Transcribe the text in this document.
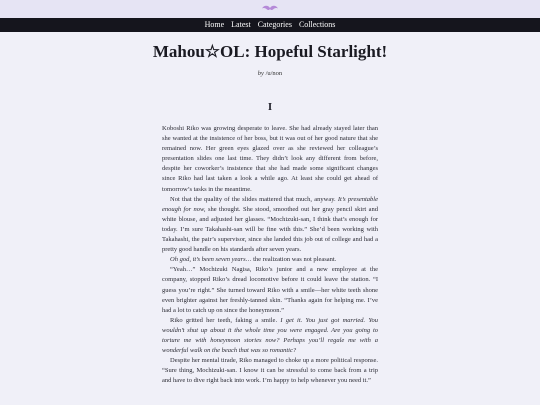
Home Latest Categories Collections
Mahou☆OL: Hopeful Starlight!
by /u/non
I

Koboshi Riko was growing desperate to leave. She had already stayed later than she wanted at the insistence of her boss, but it was out of her good nature that she remained now. Her green eyes glazed over as she reviewed her colleague’s presentation slides one last time. They didn’t look any different from before, despite her coworker’s insistence that she had made some significant changes since Riko had last taken a look a while ago. At least she could get ahead of tomorrow’s tasks in the meantime.

Not that the quality of the slides mattered that much, anyway. It’s presentable enough for now, she thought. She stood, smoothed out her gray pencil skirt and white blouse, and adjusted her glasses. “Mochizuki-san, I think that’s enough for today. I’m sure Takahashi-san will be fine with this.” She’d been working with Takahashi, the pair’s supervisor, since she landed this job out of college and had a pretty good handle on his standards after seven years.

Oh god, it’s been seven years… the realization was not pleasant.

“Yeah…” Mochizuki Nagisa, Riko’s junior and a new employee at the company, stopped Riko’s dread locomotive before it could leave the station. “I guess you’re right.” She turned toward Riko with a smile—her white teeth shone even brighter against her freshly-tanned skin. “Thanks again for helping me. I’ve had a lot to catch up on since the honeymoon.”

Riko gritted her teeth, faking a smile. I get it. You just got married. You wouldn’t shut up about it the whole time you were engaged. Are you going to torture me with honeymoon stories now? Perhaps you’ll regale me with a wonderful walk on the beach that was so romantic?

Despite her mental tirade, Riko managed to choke up a more political response. “Sure thing, Mochizuki-san. I know it can be stressful to come back from a trip and have to dive right back into work. I’m happy to help whenever you need it.”
